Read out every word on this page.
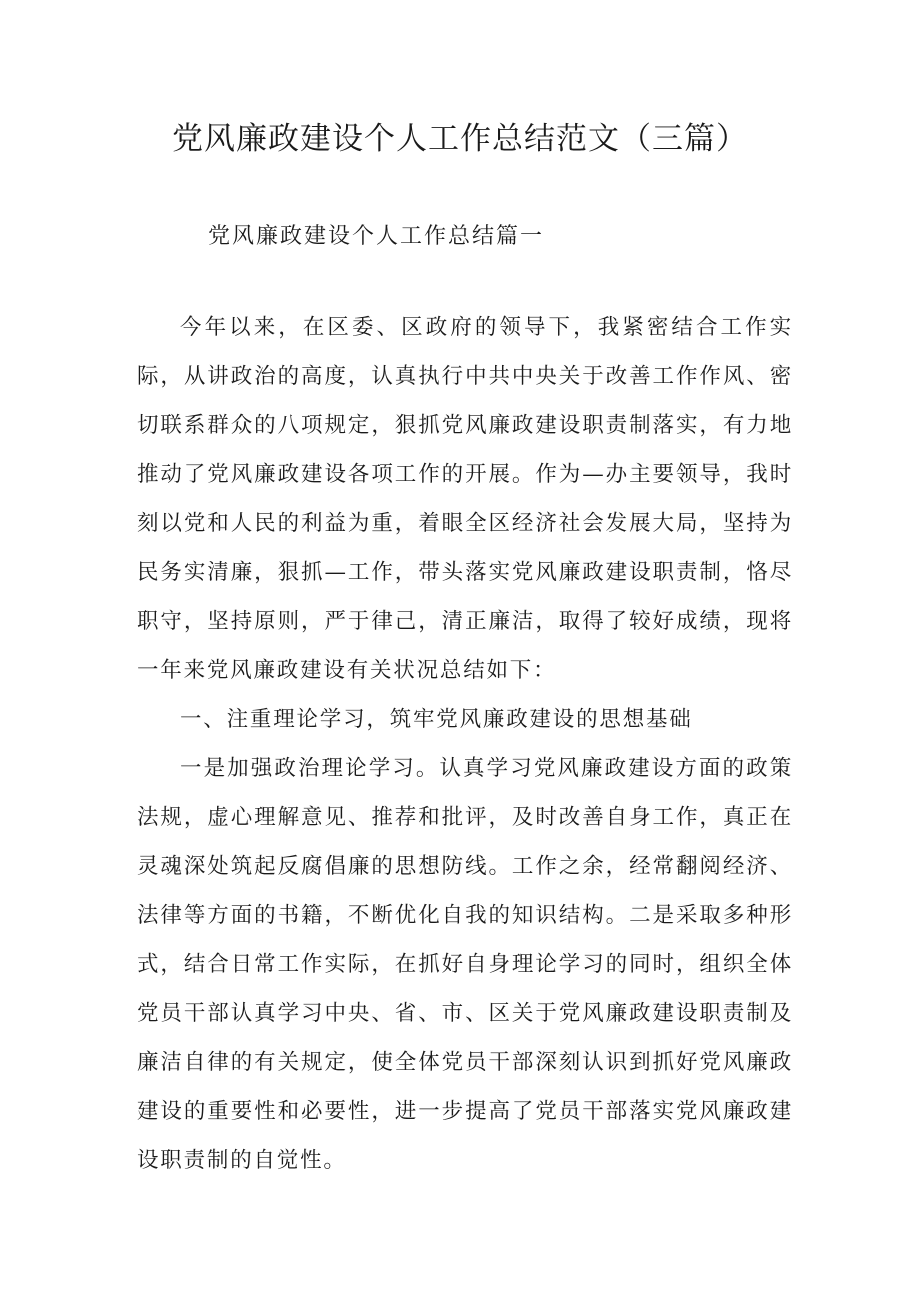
党风廉政建设个人工作总结范文（三篇）

党风廉政建设个人工作总结篇一

今年以来，在区委、区政府的领导下，我紧密结合工作实际，从讲政治的高度，认真执行中共中央关于改善工作作风、密切联系群众的八项规定，狠抓党风廉政建设职责制落实，有力地推动了党风廉政建设各项工作的开展。作为—办主要领导，我时刻以党和人民的利益为重，着眼全区经济社会发展大局，坚持为民务实清廉，狠抓—工作，带头落实党风廉政建设职责制，恪尽职守，坚持原则，严于律己，清正廉洁，取得了较好成绩，现将一年来党风廉政建设有关状况总结如下：

一、注重理论学习，筑牢党风廉政建设的思想基础

一是加强政治理论学习。认真学习党风廉政建设方面的政策法规，虚心理解意见、推荐和批评，及时改善自身工作，真正在灵魂深处筑起反腐倡廉的思想防线。工作之余，经常翻阅经济、法律等方面的书籍，不断优化自我的知识结构。二是采取多种形式，结合日常工作实际，在抓好自身理论学习的同时，组织全体党员干部认真学习中央、省、市、区关于党风廉政建设职责制及廉洁自律的有关规定，使全体党员干部深刻认识到抓好党风廉政建设的重要性和必要性，进一步提高了党员干部落实党风廉政建设职责制的自觉性。
